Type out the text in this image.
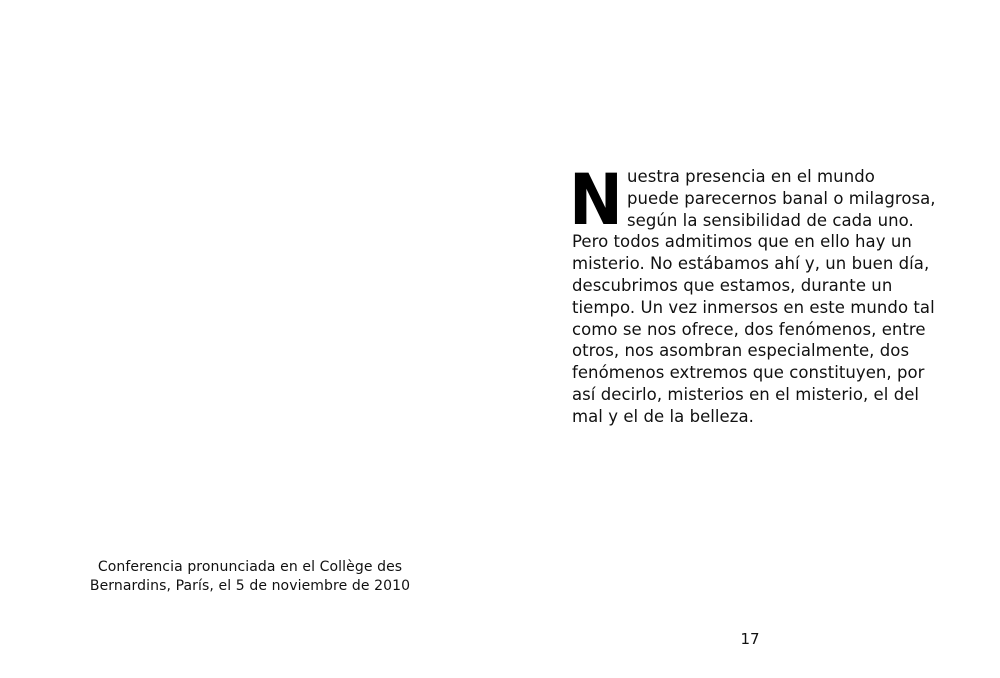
Conferencia pronunciada en el Collège des
Bernardins, París, el 5 de noviembre de 2010
N uestra presencia en el mundo
puede parecernos banal o milagrosa,
según la sensibilidad de cada uno.
Pero todos admitimos que en ello hay un
misterio. No estábamos ahí y, un buen día,
descubrimos que estamos, durante un
tiempo. Un vez inmersos en este mundo tal
como se nos ofrece, dos fenómenos, entre
otros, nos asombran especialmente, dos
fenómenos extremos que constituyen, por
así decirlo, misterios en el misterio, el del
mal y el de la belleza.
17
